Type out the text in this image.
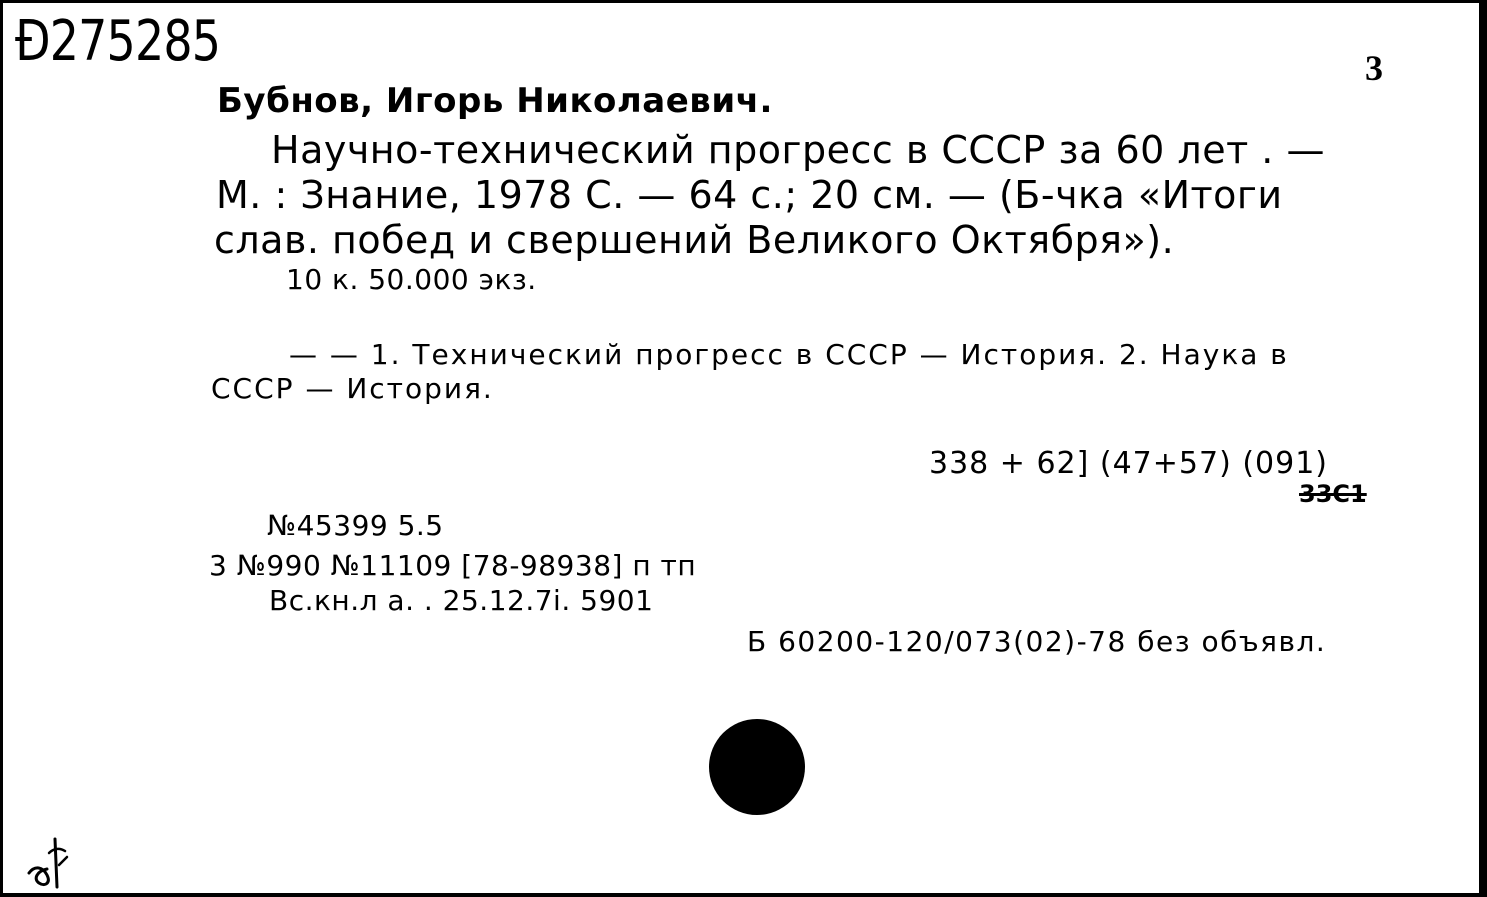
Ð275285	3
Бубнов, Игорь Николаевич.
Научно-технический прогресс в СССР за 60 лет . —
М. : Знание, 1978 С. — 64 с.; 20 см. — (Б-чка «Итоги
слав. побед и свершений Великого Октября»).
10 к. 50.000 экз.
— — 1. Технический прогресс в СССР — История. 2. Наука в
СССР — История.
338 + 62] (47+57) (091)
33С1
№45399 5.5
3 №990 №11109 [78-98938] п тп
Вс.кн.л а. . 25.12.7і. 5901
Б 60200-120/073(02)-78 без объявл.
